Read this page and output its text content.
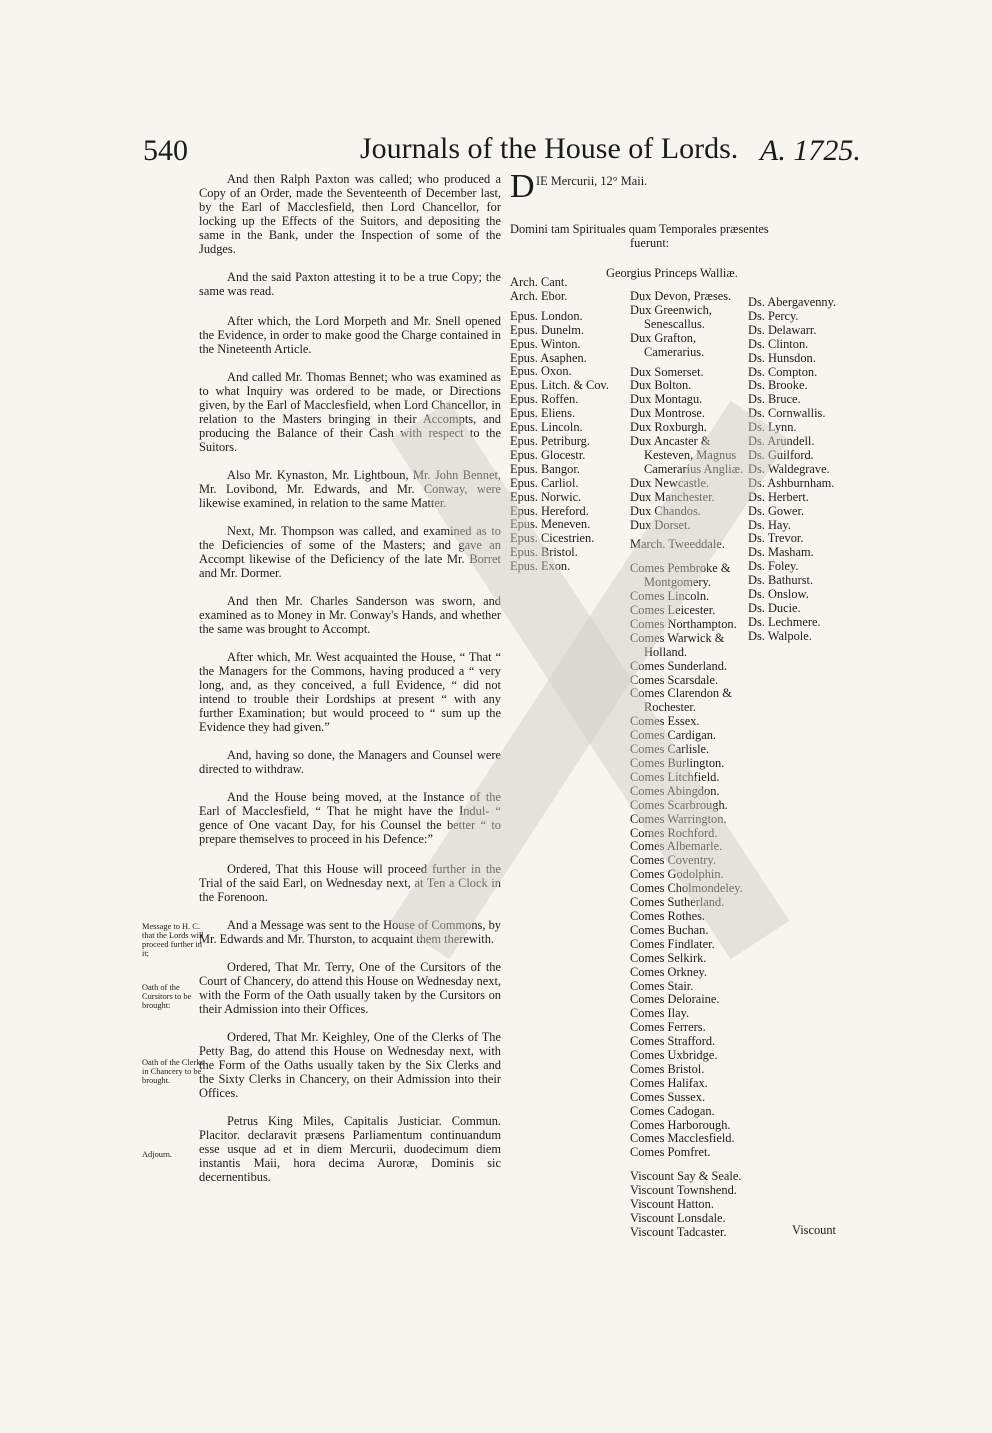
540	Journals of the House of Lords. A. 1725.

And then Ralph Paxton was called; who produced a Copy of an Order, made the Seventeenth of December last, by the Earl of Macclesfield, then Lord Chancellor, for locking up the Effects of the Suitors, and depositing the same in the Bank, under the Inspection of some of the Judges.

And the said Paxton attesting it to be a true Copy; the same was read.

After which, the Lord Morpeth and Mr. Snell opened the Evidence, in order to make good the Charge contained in the Nineteenth Article.

And called Mr. Thomas Bennet; who was examined as to what Inquiry was ordered to be made, or Directions given, by the Earl of Macclesfield, when Lord Chancellor, in relation to the Masters bringing in their Accompts, and producing the Balance of their Cash with respect to the Suitors.

Also Mr. Kynaston, Mr. Lightboun, Mr. John Bennet, Mr. Lovibond, Mr. Edwards, and Mr. Conway, were likewise examined, in relation to the same Matter.

Next, Mr. Thompson was called, and examined as to the Deficiencies of some of the Masters; and gave an Accompt likewise of the Deficiency of the late Mr. Borret and Mr. Dormer.

And then Mr. Charles Sanderson was sworn, and examined as to Money in Mr. Conway's Hands, and whether the same was brought to Accompt.

After which, Mr. West acquainted the House, “ That “ the Managers for the Commons, having produced a “ very long, and, as they conceived, a full Evidence, “ did not intend to trouble their Lordships at present “ with any further Examination; but would proceed to “ sum up the Evidence they had given.”

And, having so done, the Managers and Counsel were directed to withdraw.

And the House being moved, at the Instance of the Earl of Macclesfield, “ That he might have the Indul- “ gence of One vacant Day, for his Counsel the better “ to prepare themselves to proceed in his Defence:”

Ordered, That this House will proceed further in the Trial of the said Earl, on Wednesday next, at Ten a Clock in the Forenoon.

And a Message was sent to the House of Commons, by Mr. Edwards and Mr. Thurston, to acquaint them therewith.

Ordered, That Mr. Terry, One of the Cursitors of the Court of Chancery, do attend this House on Wednesday next, with the Form of the Oath usually taken by the Cursitors on their Admission into their Offices.

Ordered, That Mr. Keighley, One of the Clerks of The Petty Bag, do attend this House on Wednesday next, with the Form of the Oaths usually taken by the Six Clerks and the Sixty Clerks in Chancery, on their Admission into their Offices.

Petrus King Miles, Capitalis Justiciar. Commun. Placitor. declaravit præsens Parliamentum continuandum esse usque ad et in diem Mercurii, duodecimum diem instantis Maii, hora decima Auroræ, Dominis sic decernentibus.

Message to H. C. that the Lords will proceed further in it;
Oath of the Cursitors to be brought:
Oath of the Clerks in Chancery to be brought.
Adjourn.
D IE Mercurii, 12° Maii.
Domini tam Spirituales quam Temporales præsentes
fuerunt:
Georgius Princeps Walliæ.
Arch. Cant.
Arch. Ebor.
Epus. London.
Epus. Dunelm.
Epus. Winton.
Epus. Asaphen.
Epus. Oxon.
Epus. Litch. & Cov.
Epus. Roffen.
Epus. Eliens.
Epus. Lincoln.
Epus. Petriburg.
Epus. Glocestr.
Epus. Bangor.
Epus. Carliol.
Epus. Norwic.
Epus. Hereford.
Epus. Meneven.
Epus. Cicestrien.
Epus. Bristol.
Epus. Exon.
Dux Devon, Præses.
Dux Greenwich,
Senescallus.
Dux Grafton,
Camerarius.
Dux Somerset.
Dux Bolton.
Dux Montagu.
Dux Montrose.
Dux Roxburgh.
Dux Ancaster &
Kesteven, Magnus
Camerarius Angliæ.
Dux Newcastle.
Dux Manchester.
Dux Chandos.
Dux Dorset.
March. Tweeddale.
Comes Pembroke &
Montgomery.
Comes Lincoln.
Comes Leicester.
Comes Northampton.
Comes Warwick &
Holland.
Comes Sunderland.
Comes Scarsdale.
Comes Clarendon &
Rochester.
Comes Essex.
Comes Cardigan.
Comes Carlisle.
Comes Burlington.
Comes Litchfield.
Comes Abingdon.
Comes Scarbrough.
Comes Warrington.
Comes Rochford.
Comes Albemarle.
Comes Coventry.
Comes Godolphin.
Comes Cholmondeley.
Comes Sutherland.
Comes Rothes.
Comes Buchan.
Comes Findlater.
Comes Selkirk.
Comes Orkney.
Comes Stair.
Comes Deloraine.
Comes Ilay.
Comes Ferrers.
Comes Strafford.
Comes Uxbridge.
Comes Bristol.
Comes Halifax.
Comes Sussex.
Comes Cadogan.
Comes Harborough.
Comes Macclesfield.
Comes Pomfret.
Viscount Say & Seale.
Viscount Townshend.
Viscount Hatton.
Viscount Lonsdale.
Viscount Tadcaster.
Ds. Abergavenny.
Ds. Percy.
Ds. Delawarr.
Ds. Clinton.
Ds. Hunsdon.
Ds. Compton.
Ds. Brooke.
Ds. Bruce.
Ds. Cornwallis.
Ds. Lynn.
Ds. Arundell.
Ds. Guilford.
Ds. Waldegrave.
Ds. Ashburnham.
Ds. Herbert.
Ds. Gower.
Ds. Hay.
Ds. Trevor.
Ds. Masham.
Ds. Foley.
Ds. Bathurst.
Ds. Onslow.
Ds. Ducie.
Ds. Lechmere.
Ds. Walpole.
Viscount
